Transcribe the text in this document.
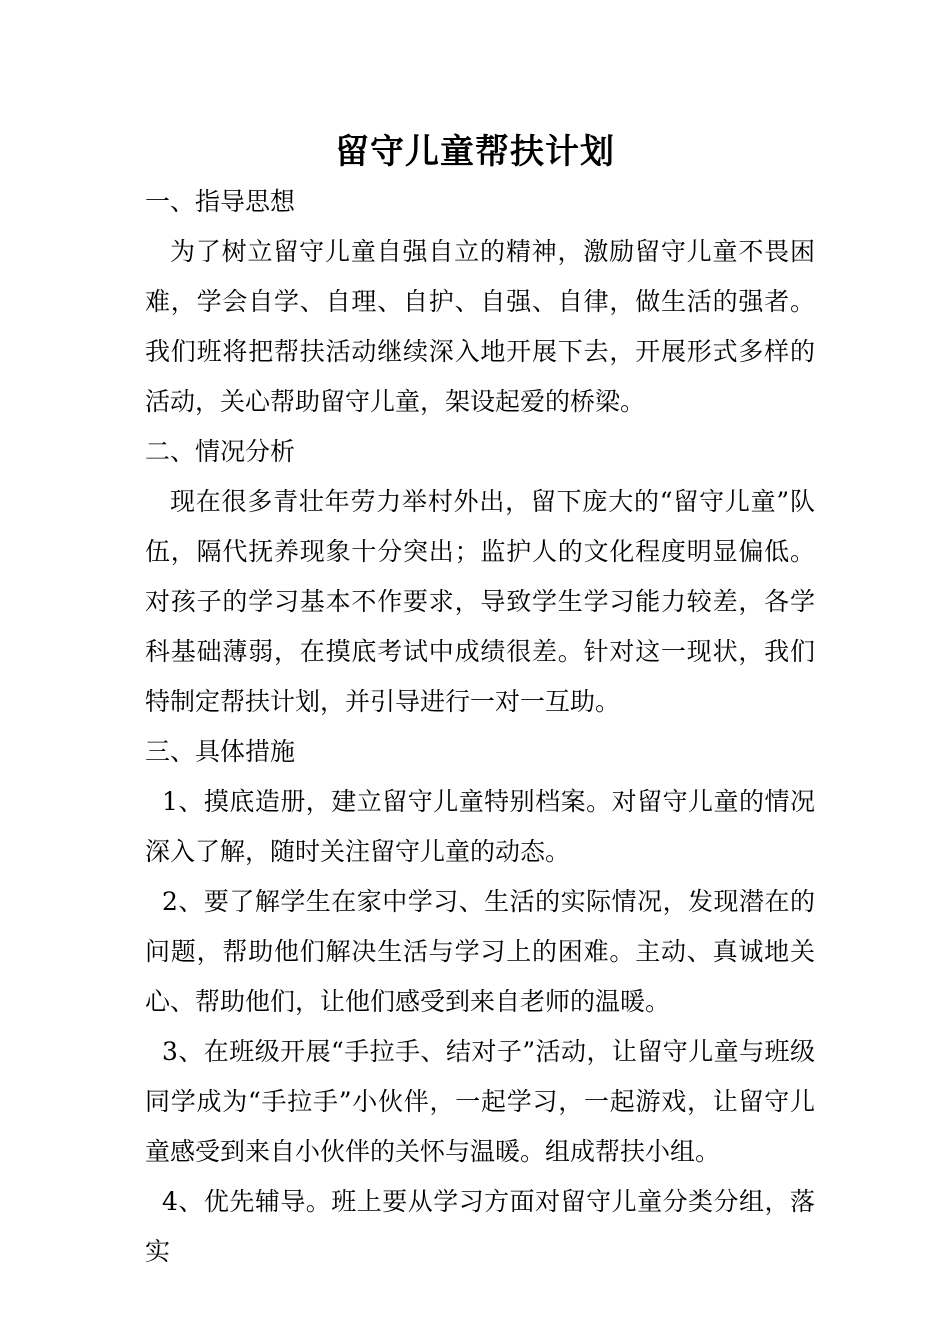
留守儿童帮扶计划

一、指导思想

为了树立留守儿童自强自立的精神，激励留守儿童不畏困难，学会自学、自理、自护、自强、自律，做生活的强者。我们班将把帮扶活动继续深入地开展下去，开展形式多样的活动，关心帮助留守儿童，架设起爱的桥梁。

二、情况分析

现在很多青壮年劳力举村外出，留下庞大的“留守儿童”队伍，隔代抚养现象十分突出；监护人的文化程度明显偏低。对孩子的学习基本不作要求，导致学生学习能力较差，各学科基础薄弱，在摸底考试中成绩很差。针对这一现状，我们特制定帮扶计划，并引导进行一对一互助。

三、具体措施

1、摸底造册，建立留守儿童特别档案。对留守儿童的情况深入了解，随时关注留守儿童的动态。

2、要了解学生在家中学习、生活的实际情况，发现潜在的问题，帮助他们解决生活与学习上的困难。主动、真诚地关心、帮助他们，让他们感受到来自老师的温暖。

3、在班级开展“手拉手、结对子”活动，让留守儿童与班级同学成为“手拉手”小伙伴，一起学习，一起游戏，让留守儿童感受到来自小伙伴的关怀与温暖。组成帮扶小组。

4、优先辅导。班上要从学习方面对留守儿童分类分组，落实
